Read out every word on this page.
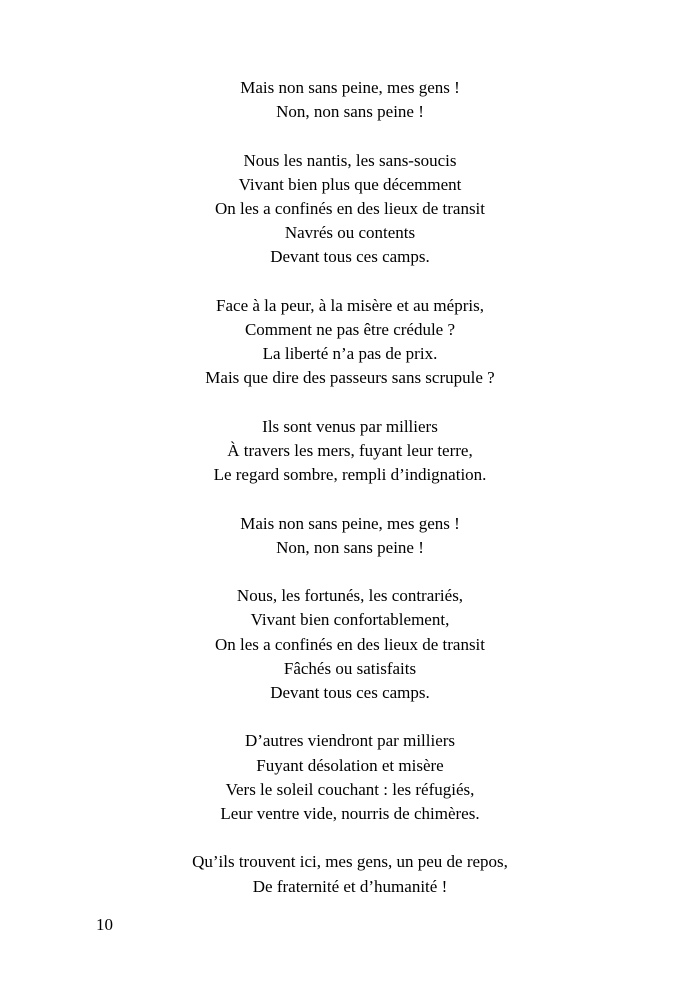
Mais non sans peine, mes gens !
Non, non sans peine !
Nous les nantis, les sans-soucis
Vivant bien plus que décemment
On les a confinés en des lieux de transit
Navrés ou contents
Devant tous ces camps.
Face à la peur, à la misère et au mépris,
Comment ne pas être crédule ?
La liberté n’a pas de prix.
Mais que dire des passeurs sans scrupule ?
Ils sont venus par milliers
À travers les mers, fuyant leur terre,
Le regard sombre, rempli d’indignation.
Mais non sans peine, mes gens !
Non, non sans peine !
Nous, les fortunés, les contrariés,
Vivant bien confortablement,
On les a confinés en des lieux de transit
Fâchés ou satisfaits
Devant tous ces camps.
D’autres viendront par milliers
Fuyant désolation et misère
Vers le soleil couchant : les réfugiés,
Leur ventre vide, nourris de chimères.
Qu’ils trouvent ici, mes gens, un peu de repos,
De fraternité et d’humanité !
10
